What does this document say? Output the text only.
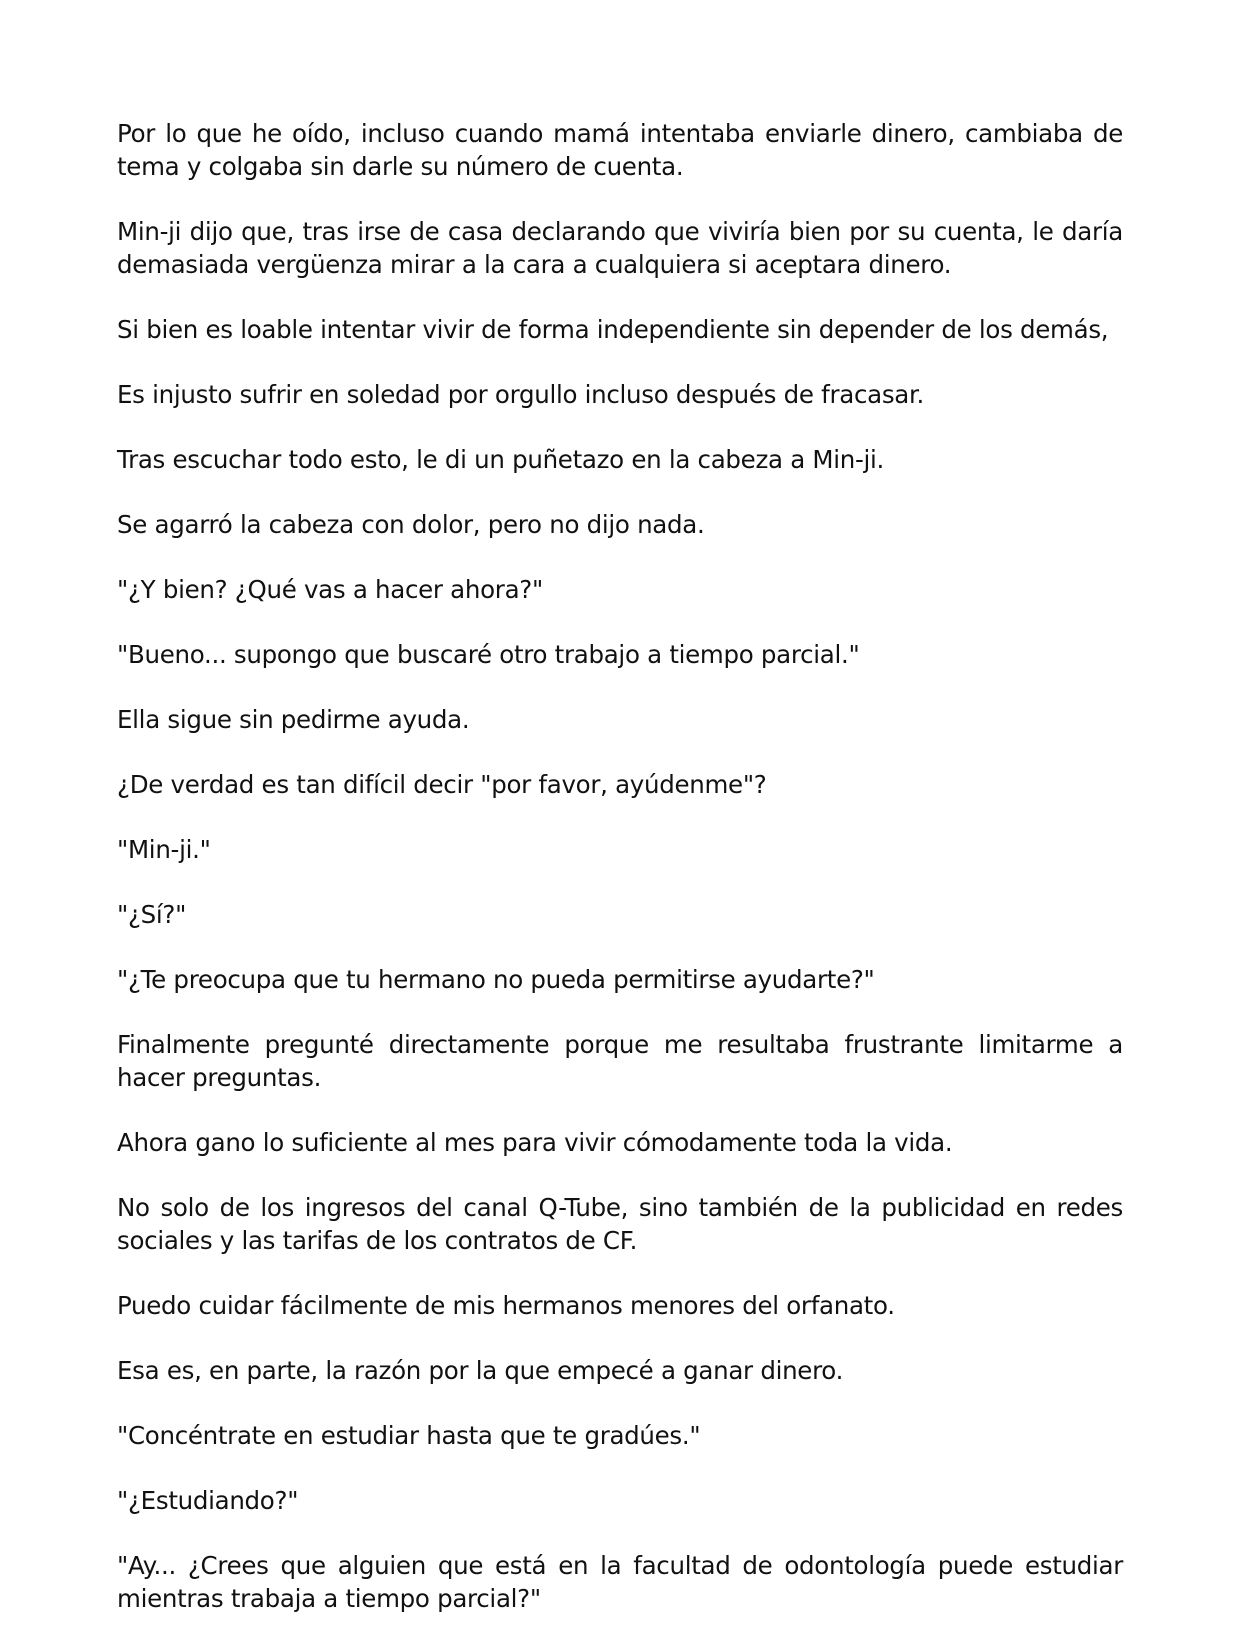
Por lo que he oído, incluso cuando mamá intentaba enviarle dinero, cambiaba de tema y colgaba sin darle su número de cuenta.

Min-ji dijo que, tras irse de casa declarando que viviría bien por su cuenta, le daría demasiada vergüenza mirar a la cara a cualquiera si aceptara dinero.

Si bien es loable intentar vivir de forma independiente sin depender de los demás,

Es injusto sufrir en soledad por orgullo incluso después de fracasar.

Tras escuchar todo esto, le di un puñetazo en la cabeza a Min-ji.

Se agarró la cabeza con dolor, pero no dijo nada.

"¿Y bien? ¿Qué vas a hacer ahora?"

"Bueno... supongo que buscaré otro trabajo a tiempo parcial."

Ella sigue sin pedirme ayuda.

¿De verdad es tan difícil decir "por favor, ayúdenme"?

"Min-ji."

"¿Sí?"

"¿Te preocupa que tu hermano no pueda permitirse ayudarte?"

Finalmente pregunté directamente porque me resultaba frustrante limitarme a hacer preguntas.

Ahora gano lo suficiente al mes para vivir cómodamente toda la vida.

No solo de los ingresos del canal Q-Tube, sino también de la publicidad en redes sociales y las tarifas de los contratos de CF.

Puedo cuidar fácilmente de mis hermanos menores del orfanato.

Esa es, en parte, la razón por la que empecé a ganar dinero.

"Concéntrate en estudiar hasta que te gradúes."

"¿Estudiando?"

"Ay... ¿Crees que alguien que está en la facultad de odontología puede estudiar mientras trabaja a tiempo parcial?"
